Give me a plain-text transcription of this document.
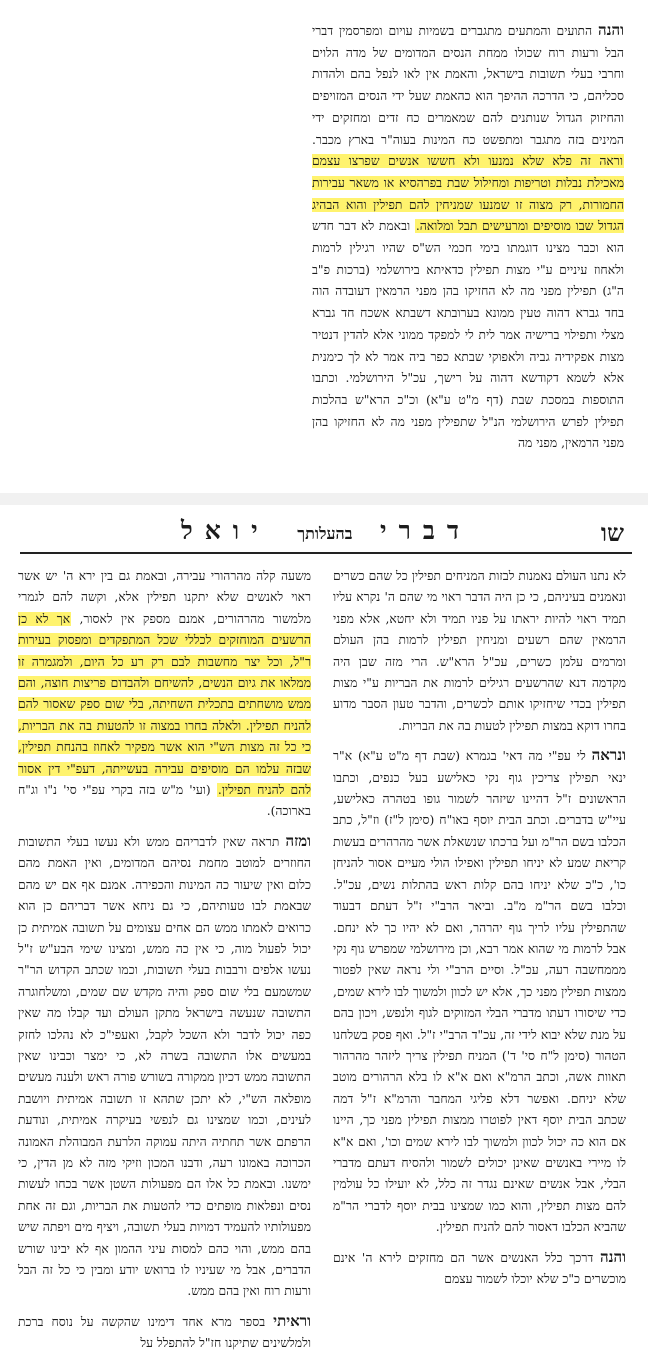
והנה התועים והמתעים מתגברים בשמיות עויום ומפרסמין דברי הבל ורעות רוח שכולו ממחת הנסים המדומים של מדה הלוים וחרבי בעלי תשובות בישראל, והאמת אין לאו לנפל בהם ולהדות סכליהם, כי הדרכה ההיפך הוא כהאמת שעל ידי הנסים המזויפים והחיזוק הגדול שנותנים להם שמאמרים כח זדים ומחזקים ידי המינים בזה מתגבר ומתפשט כח המינות בעוה"ר בארץ מכבר. וראה זה פלא שלא נמנעו ולא חששו אנשים שפרצו עצמם מאכילת נבלות וטריפות ומחילול שבת בפרהסיא או משאר עבירות החמורות, רק מצוה זו שמנעו שמניחין להם תפילין והוא הבהיג הגדול שבו מוסיפים ומרעישים תבל ומלואה. ובאמת לא דבר חדש הוא וכבר מצינו דוגמתו בימי חכמי הש"ס שהיו רגילין לרמות ולאחוז עיניים ע"י מצות תפילין כדאיתא בירושלמי (ברכות פ"ב ה"ג) תפילין מפני מה לא החזיקו בהן מפני הרמאין דעובדה הוה בחד גברא דהוה טעין ממונא בערובתא דשבתא אשכח חד גברא מצלי ותפילוי ברישיה אמר לית לי למפקד ממוני אלא להדין דנטיר מצות אפקידיה גביה ולאפוקי שבתא כפר ביה אמר לא לך כימנית אלא לשמא דקודשא דהוה על רישך, עכ"ל הירושלמי. וכתבו התוספות במסכת שבת (דף מ"ט ע"א) וכ"כ הרא"ש בהלכות תפילין לפרש הירושלמי הנ"ל שתפילין מפני מה לא החזיקו בהן מפני הרמאין, מפני מה

שו
דברי בהעלותך יואל

לא נתנו העולם נאמנות לבזות המניחים תפילין כל שהם כשרים ונאמנים בעיניהם, כי כן היה הדבר ראוי מי שהם ה' נקרא עליו תמיד ראוי להיות יראתו על פניו תמיד ולא יחטא, אלא מפני הרמאין שהם רשעים ומניחין תפילין לרמות בהן העולם ומרמים עלמן כשרים, עכ"ל הרא"ש. הרי מזה שבן היה מקדמה דנא שהרשעים רגילים לרמות את הבריות ע"י מצות תפילין בכדי שיחזיקו אותם לכשרים, והדבר טעון הסבר מדוע בחרו דוקא במצות תפילין לטעות בה את הבריות.

ונראה לי עפ"י מה דאי' בגמרא (שבת דף מ"ט ע"א) א"ר ינאי תפילין צריכין גוף נקי כאלישע בעל כנפים, וכתבו הראשונים ז"ל דהיינו שיזהר לשמור גופו בטהרה כאלישע, עיי"ש בדברים. וכתב הבית יוסף באו"ח (סימן ל"ז) וז"ל, כתב הכלבו בשם הר"מ ועל ברכתו שנשאלת אשר מהרהרים בעשות קריאת שמע לא יניחו תפילין ואפילו הולי מעיים אסור להניחן כו', כ"כ שלא יניחו בהם קלות ראש בהתלות נשים, עכ"ל. וכלבו בשם הר"מ מ"ב. וביאר הרב"י ז"ל דעתם דבעוד שהתפילין עליו לריך גוף יהרהר, ואם לא יהיו כך לא ינחם. אבל לרמות מי שהוא אמר רבא, וכן מירושלמי שמפרש גוף נקי מממחשבה רעה, עכ"ל. וסיים הרב"י ולי נראה שאין לפטור ממצות תפילין מפני כך, אלא יש לכוון ולמשוך לבו לירא שמים, כדי שיסורו דעתו מדברי הבלי המזוקים לגוף ולנפש, ויכון בהם על מנת שלא יבוא לידי זה, עכ"ד הרב"י ז"ל. ואף פסק בשלחנו הטהור (סימן ל"ח סי' ד') המניח תפילין צריך ליזהר מהרהור תאוות אשה, וכתב הרמ"א ואם א"א לו בלא הרהורים מוטב שלא יניחם. ואפשר דלא פליגי המחבר והרמ"א ז"ל דמה שכתב הבית יוסף דאין לפוטרו ממצות תפילין מפני כך, היינו אם הוא כה יכול לכוון ולמשוך לבו לירא שמים וכו', ואם א"א לו מיירי באנשים שאינן יכולים לשמור ולהסיח דעתם מדברי הבלי, אבל אנשים שאינם נגדר זה כלל, לא יועילו כל עולמין להם מצות תפילין, והוא כמו שמצינו בבית יוסף לדברי הר"מ שהביא הכלבו דאסור להם להניח תפילין.

והנה דרכך כלל האנשים אשר הם מחזקים לירא ה' אינם מוכשרים כ"כ שלא יוכלו לשמור עצמם

משעה קלה מהרהורי עבירה, ובאמת גם בין ירא ה' יש אשר ראוי לאנשים שלא יתקנו תפילין אלא, וקשה להם לגמרי מלמשור מהרהורים, אמנם מספק אין לאסור, אך לא כן הרשעים המוחזקים לכללי שכל המתפקדים ומפסוק בעירות ר"ל, וכל יצר מחשבות לבם רק רע כל היום, ולמגמרה זו ממלאו את גיום הנשים, להשיחם ולהבדום פריצות חוצה, והם ממש מושחתים בתכלית השחיתה, בלי שום ספק שאסור להם להניח תפילין. ולאלה בחרו במצוה זו להטעות בה את הבריות, כי כל זה מצות הש"י הוא אשר מפקיר לאחוז בהנחת תפילין, שבזה עלמו הם מוסיפים עבירה בעשייתה, דעפ"י דין אסור להם להניח תפילין. (ועי' מ"ש בזה בקרי עפ"י סי' נ"ו וג"ח בארוכה).

ומזה תראה שאין לדבריהם ממש ולא נעשו בעלי התשובות החוזרים למוטב מחמת נסיהם המדומים, ואין האמת מהם כלום ואין שיעור כה המינות והכפירה. אמנם אף אם יש מהם שבאמת לבו טעותיהם, כי גם ניחא אשר דבריהם כן הוא כרואים לאמתו ממש הם אחים עצומים על תשובה אמיתית כן יכול לפעול מוה, כי אין כה ממש, ומצינו שימי הבע"ש ז"ל נעשו אלפים ורבבות בעלי תשובות, וכמו שכתב הקדוש הר"ר שמשמעם בלי שום ספק והיה מקדש שם שמים, ומשלחוגרה התשובה שנעשה בישראל מתקן העולם ועד קבלו מה שאין כפה יכול לדבר ולא השכל לקבל, ואעפי"כ לא נהלכו לחזק במעשים אלו התשובה בשרה לא, כי ימצר וכבינו שאין התשובה ממש דכיון ממקורה בשורש פורה ראש ולענה מעשים מופלאה הש"י, לא יתכן שתהא זו תשובה אמיתית ויושבת לעינים, וכמו שמצינו גם לנפשי בעיקרה אמיתית, ונודעת הרפתם אשר תחתיה היתה עמוקה הלרעת המבוהלת האמונה הכרוכה באמונו רעה, ודבנו המכון וזיקי מזה לא מן הדין, כי ימשנו. ובאמת כל אלו הם מפעולות השטן אשר בכחו לעשות נסים ונפלאות מופתים כדי להטעות את הבריות, וגם זה אחת מפעולותיו להעמיד דמויות בעלי תשובה, ויציף מים ויפתה שיש בהם ממש, והוי כהם למסות עיני ההמון אף לא יבינו שורש הדברים, אבל מי שעיניו לו ברואש יודע ומבין כי כל זה הבל ורעות רוח ואין בהם ממש.

וראיתי בספר מרא אחד דימינו שהקשה על נוסח ברכת ולמלשינים שתיקנו חז"ל להתפלל על
